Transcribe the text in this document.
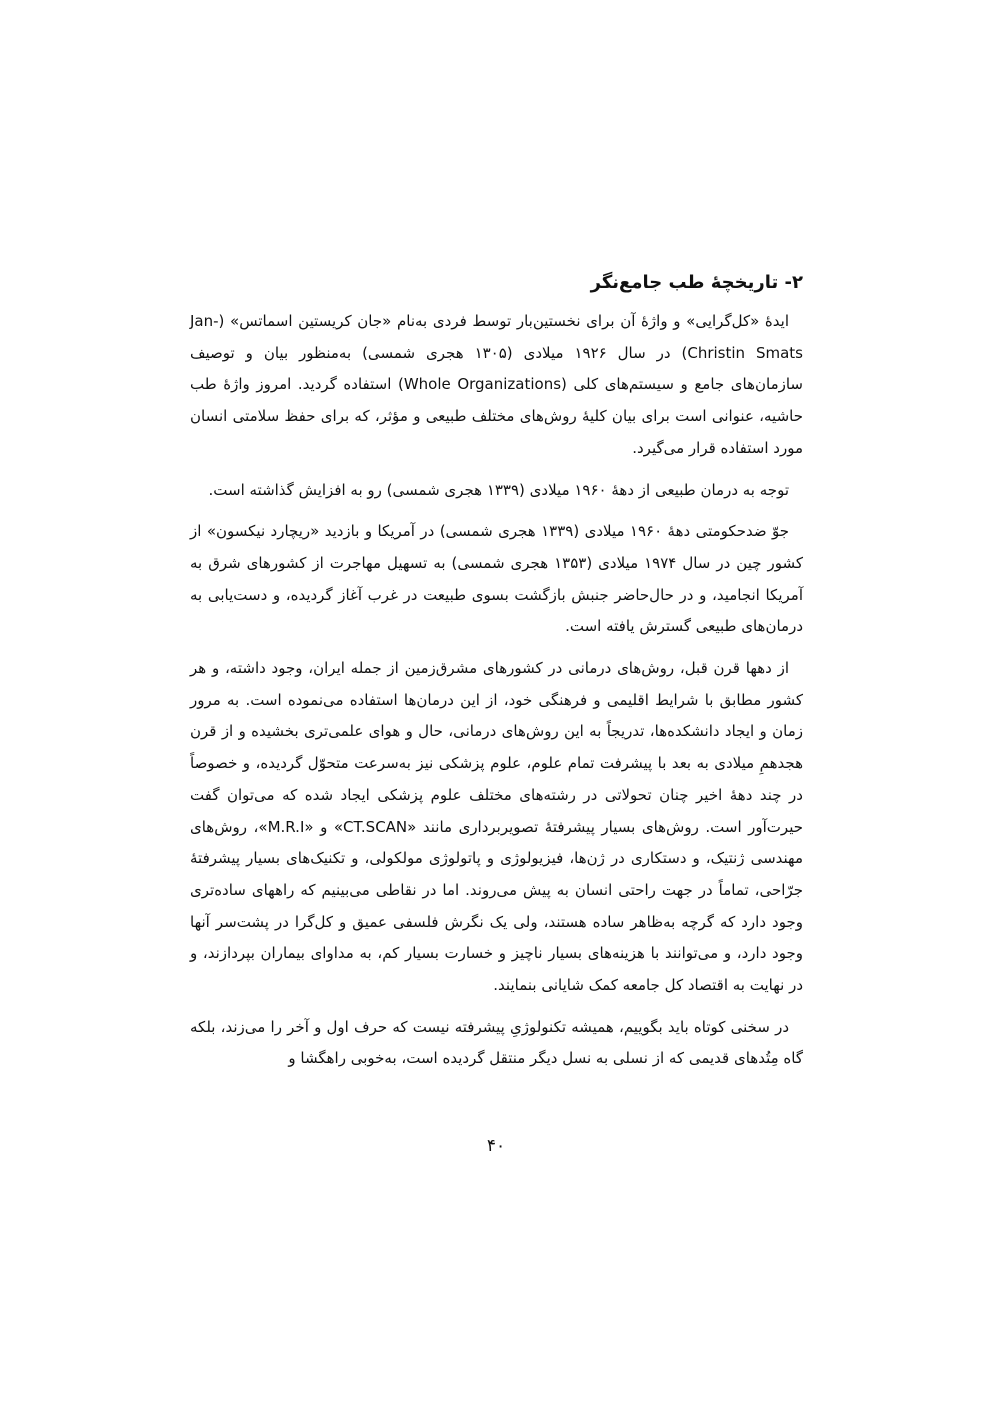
۲- تاریخچهٔ طب جامع‌نگر

ایدهٔ «کل‌گرایی» و واژهٔ آن برای نخستین‌بار توسط فردی به‌نام «جان کریستین اسماتس» (Jan-Christin Smats) در سال ۱۹۲۶ میلادی (۱۳۰۵ هجری شمسی) به‌منظور بیان و توصیف سازمان‌های جامع و سیستم‌های کلی (Whole Organizations) استفاده گردید. امروز واژهٔ طب حاشیه، عنوانی است برای بیان کلیهٔ روش‌های مختلف طبیعی و مؤثر، که برای حفظ سلامتی انسان مورد استفاده قرار می‌گیرد.

توجه به درمان طبیعی از دههٔ ۱۹۶۰ میلادی (۱۳۳۹ هجری شمسی) رو به افزایش گذاشته است.

جوّ ضدحکومتی دههٔ ۱۹۶۰ میلادی (۱۳۳۹ هجری شمسی) در آمریکا و بازدید «ریچارد نیکسون» از کشور چین در سال ۱۹۷۴ میلادی (۱۳۵۳ هجری شمسی) به تسهیل مهاجرت از کشورهای شرق به آمریکا انجامید، و در حال‌حاضر جنبش بازگشت بسوی طبیعت در غرب آغاز گردیده، و دست‌یابی به درمان‌های طبیعی گسترش یافته است.

از دهها قرن قبل، روش‌های درمانی در کشورهای مشرق‌زمین از جمله ایران، وجود داشته، و هر کشور مطابق با شرایط اقلیمی و فرهنگی خود، از این درمان‌ها استفاده می‌نموده است. به مرور زمان و ایجاد دانشکده‌ها، تدریجاً به این روش‌های درمانی، حال و هوای علمی‌تری بخشیده و از قرن هجدهمِ میلادی به بعد با پیشرفت تمام علوم، علوم پزشکی نیز به‌سرعت متحوّل گردیده، و خصوصاً در چند دههٔ اخیر چنان تحولاتی در رشته‌های مختلف علوم پزشکی ایجاد شده که می‌توان گفت حیرت‌آور است. روش‌های بسیار پیشرفتهٔ تصویربرداری مانند «CT.SCAN» و «M.R.I»، روش‌های مهندسی ژنتیک، و دستکاری در ژن‌ها، فیزیولوژی و پاتولوژی مولکولی، و تکنیک‌های بسیار پیشرفتهٔ جرّاحی، تماماً در جهت راحتی انسان به پیش می‌روند. اما در نقاطی می‌بینیم که راههای ساده‌تری وجود دارد که گرچه به‌ظاهر ساده هستند، ولی یک نگرش فلسفی عمیق و کل‌گرا در پشت‌سر آنها وجود دارد، و می‌توانند با هزینه‌های بسیار ناچیز و خسارت بسیار کم، به مداوای بیماران بپردازند، و در نهایت به اقتصاد کل جامعه کمک شایانی بنمایند.

در سخنی کوتاه باید بگوییم، همیشه تکنولوژیِ پیشرفته نیست که حرف اول و آخر را می‌زند، بلکه گاه مِتُدهای قدیمی که از نسلی به نسل دیگر منتقل گردیده است، به‌خوبی راهگشا و

۴۰
